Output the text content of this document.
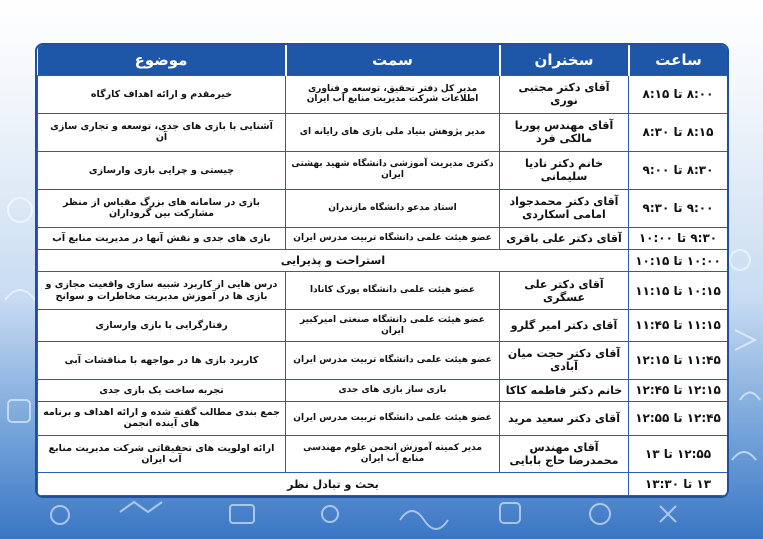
ساعت	سخنران	سمت	موضوع
۸:۰۰ تا ۸:۱۵	آقای دکتر مجتبی نوری	مدیر کل دفتر تحقیق، توسعه و فناوری اطلاعات شرکت مدیریت منابع آب ایران	خیرمقدم و ارائه اهداف کارگاه
۸:۱۵ تا ۸:۳۰	آقای مهندس پوریا مالکی فرد	مدیر پژوهش بنیاد ملی بازی های رایانه ای	آشنایی با بازی های جدی، توسعه و تجاری سازی آن
۸:۳۰ تا ۹:۰۰	خانم دکتر نادیا سلیمانی	دکتری مدیریت آموزشی دانشگاه شهید بهشتی ایران	چیستی و چرایی بازی وارسازی
۹:۰۰ تا ۹:۳۰	آقای دکتر محمدجواد امامی اسکاردی	استاد مدعو دانشگاه مازندران	بازی در سامانه های بزرگ مقیاس از منظر مشارکت بین گروداران
۹:۳۰ تا ۱۰:۰۰	آقای دکتر علی باقری	عضو هیئت علمی دانشگاه تربیت مدرس ایران	بازی های جدی و نقش آنها در مدیریت منابع آب
۱۰:۰۰ تا ۱۰:۱۵	استراحت و پذیرایی		
۱۰:۱۵ تا ۱۱:۱۵	آقای دکتر علی عسگری	عضو هیئت علمی دانشگاه یورک کانادا	درس هایی از کاربرد شبیه سازی واقعیت مجازی و بازی ها در آموزش مدیریت مخاطرات و سوانح
۱۱:۱۵ تا ۱۱:۴۵	آقای دکتر امیر گلرو	عضو هیئت علمی دانشگاه صنعتی امیرکبیر ایران	رفتارگرایی با بازی وارسازی
۱۱:۴۵ تا ۱۲:۱۵	آقای دکتر حجت میان آبادی	عضو هیئت علمی دانشگاه تربیت مدرس ایران	کاربرد بازی ها در مواجهه با مناقشات آبی
۱۲:۱۵ تا ۱۲:۴۵	خانم دکتر فاطمه کاکا	بازی ساز بازی های جدی	تجربه ساخت یک بازی جدی
۱۲:۴۵ تا ۱۲:۵۵	آقای دکتر سعید مرید	عضو هیئت علمی دانشگاه تربیت مدرس ایران	جمع بندی مطالب گفته شده و ارائه اهداف و برنامه های آینده انجمن
۱۲:۵۵ تا ۱۳	آقای مهندس محمدرضا حاج بابایی	مدیر کمیته آموزش انجمن علوم مهندسی منابع آب ایران	ارائه اولویت های تحقیقاتی شرکت مدیریت منابع آب ایران
۱۳ تا ۱۳:۳۰	بحث و تبادل نظر		
